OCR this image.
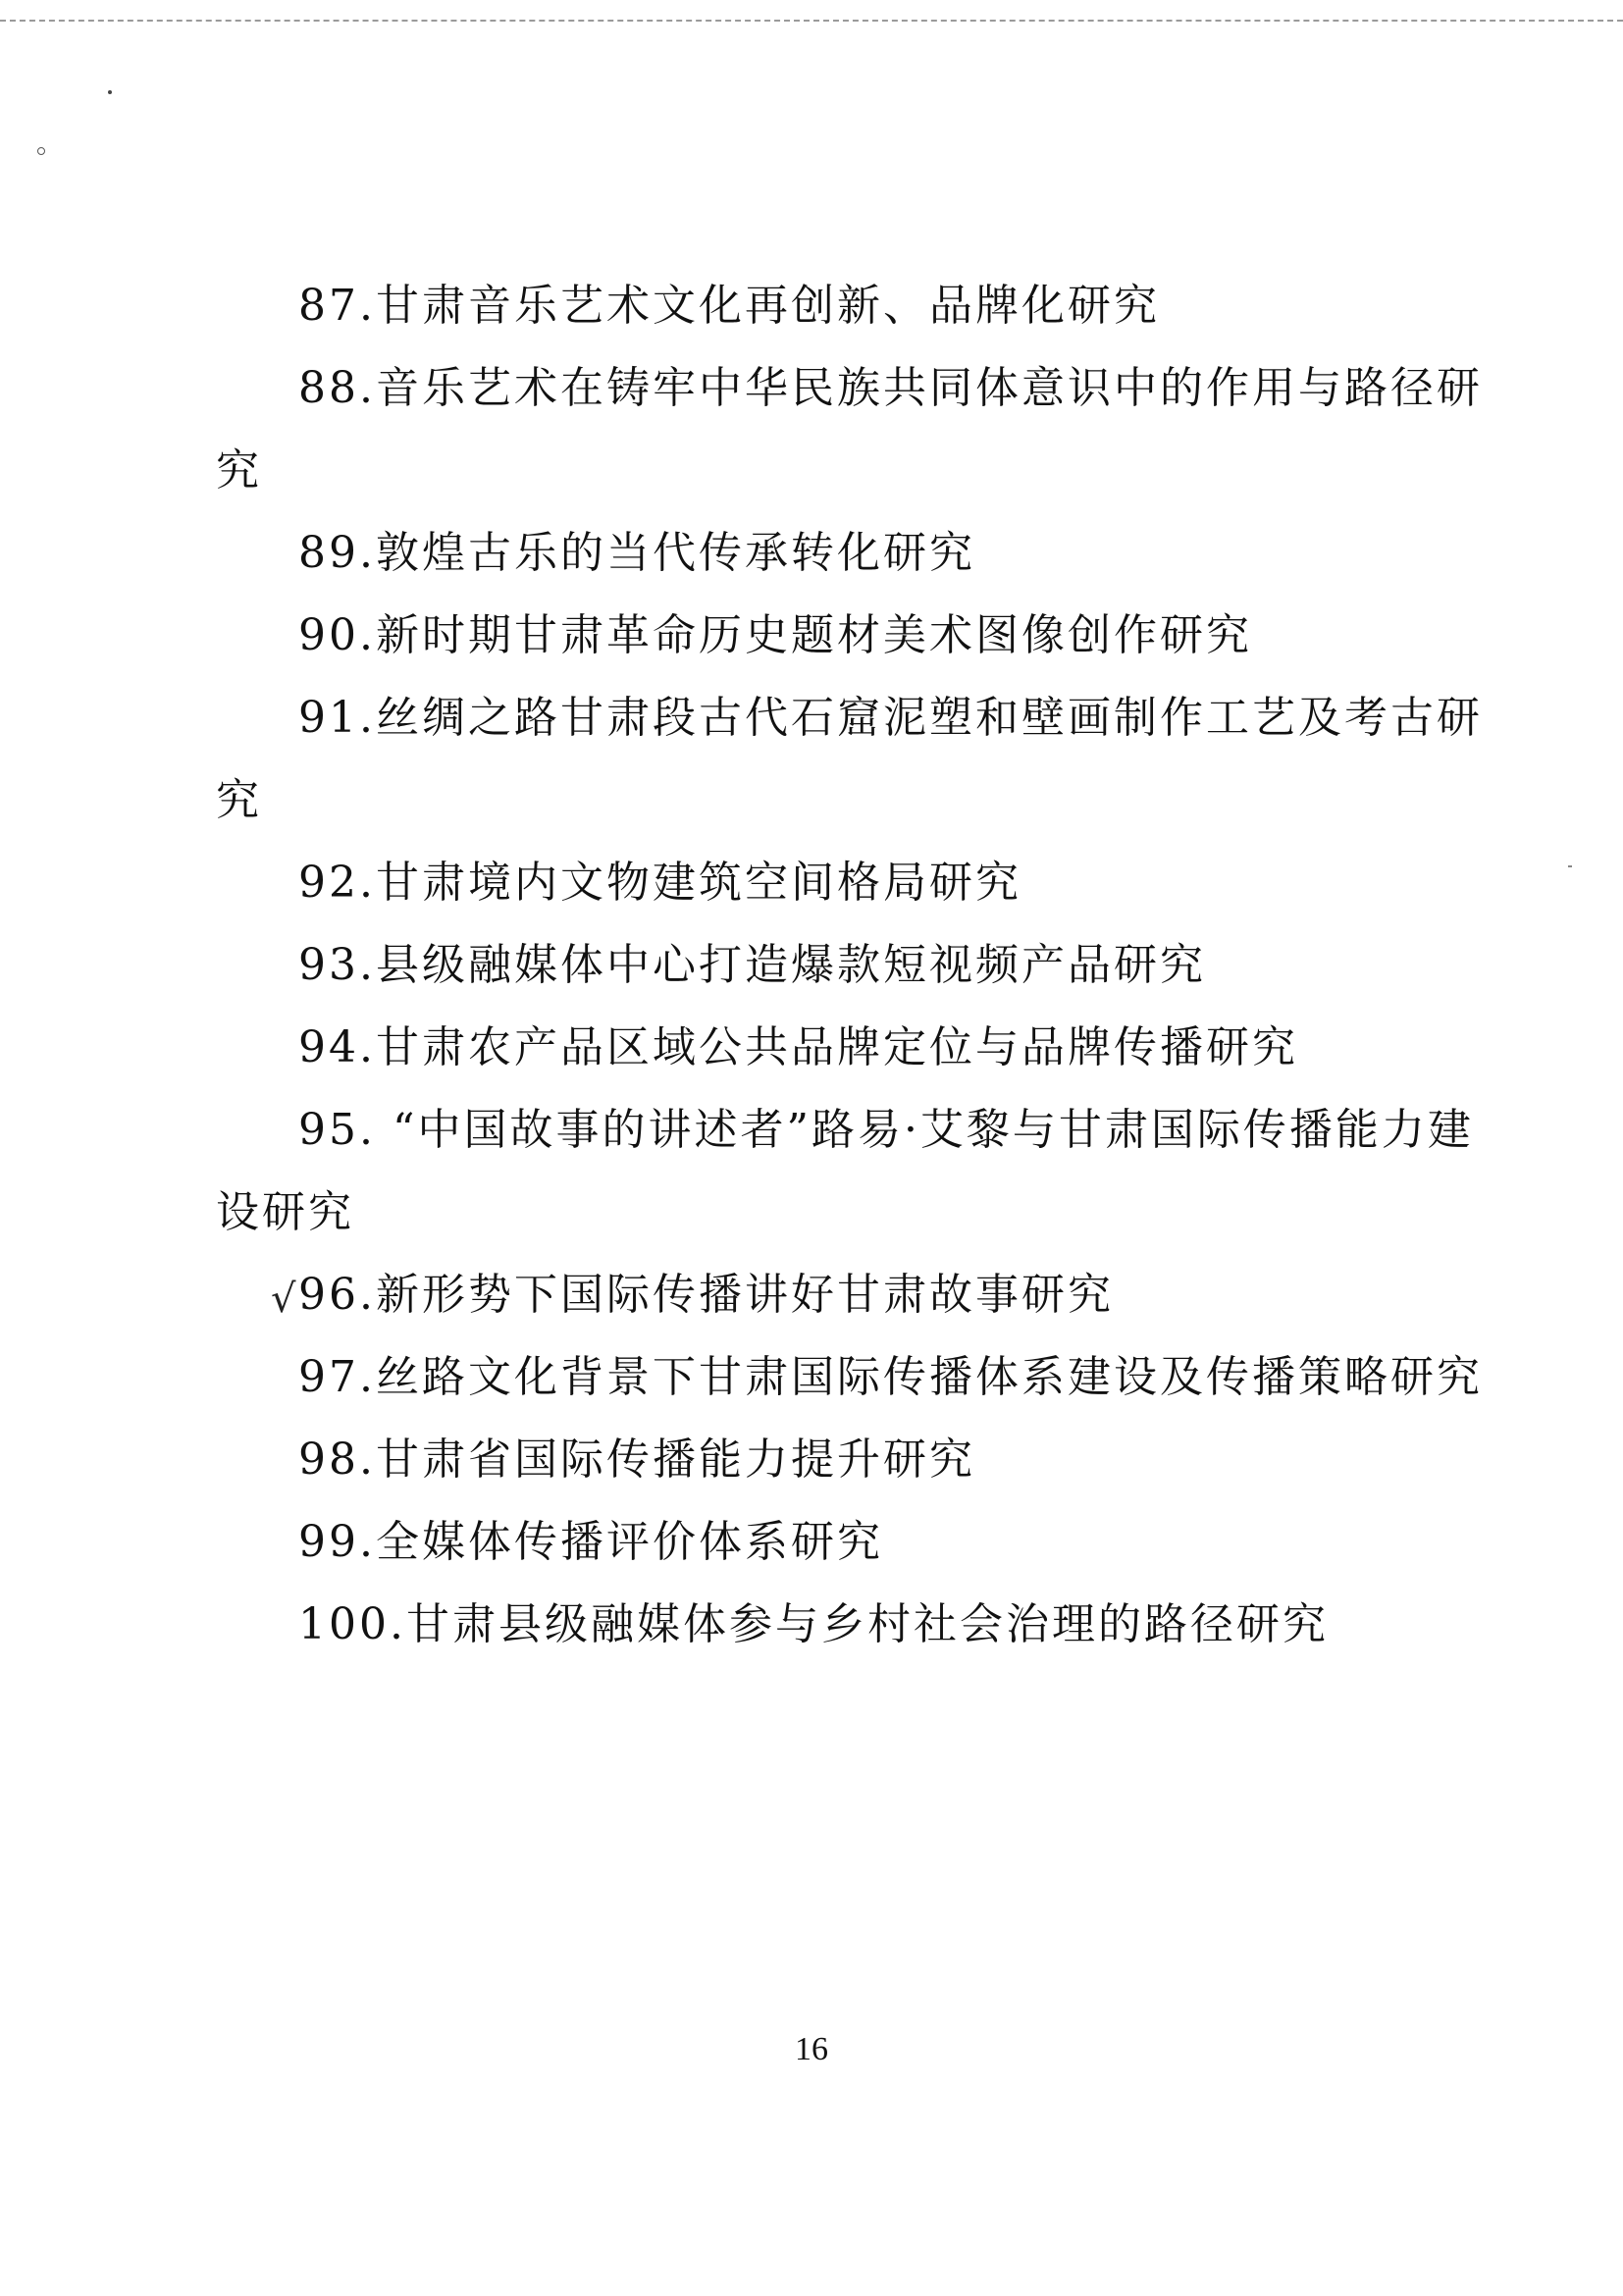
87.甘肃音乐艺术文化再创新、品牌化研究
88.音乐艺术在铸牢中华民族共同体意识中的作用与路径研
究
89.敦煌古乐的当代传承转化研究
90.新时期甘肃革命历史题材美术图像创作研究
91.丝绸之路甘肃段古代石窟泥塑和壁画制作工艺及考古研
究
92.甘肃境内文物建筑空间格局研究
93.县级融媒体中心打造爆款短视频产品研究
94.甘肃农产品区域公共品牌定位与品牌传播研究
95. “中国故事的讲述者”路易·艾黎与甘肃国际传播能力建
设研究
√ 96.新形势下国际传播讲好甘肃故事研究
97.丝路文化背景下甘肃国际传播体系建设及传播策略研究
98.甘肃省国际传播能力提升研究
99.全媒体传播评价体系研究
100.甘肃县级融媒体参与乡村社会治理的路径研究
16
